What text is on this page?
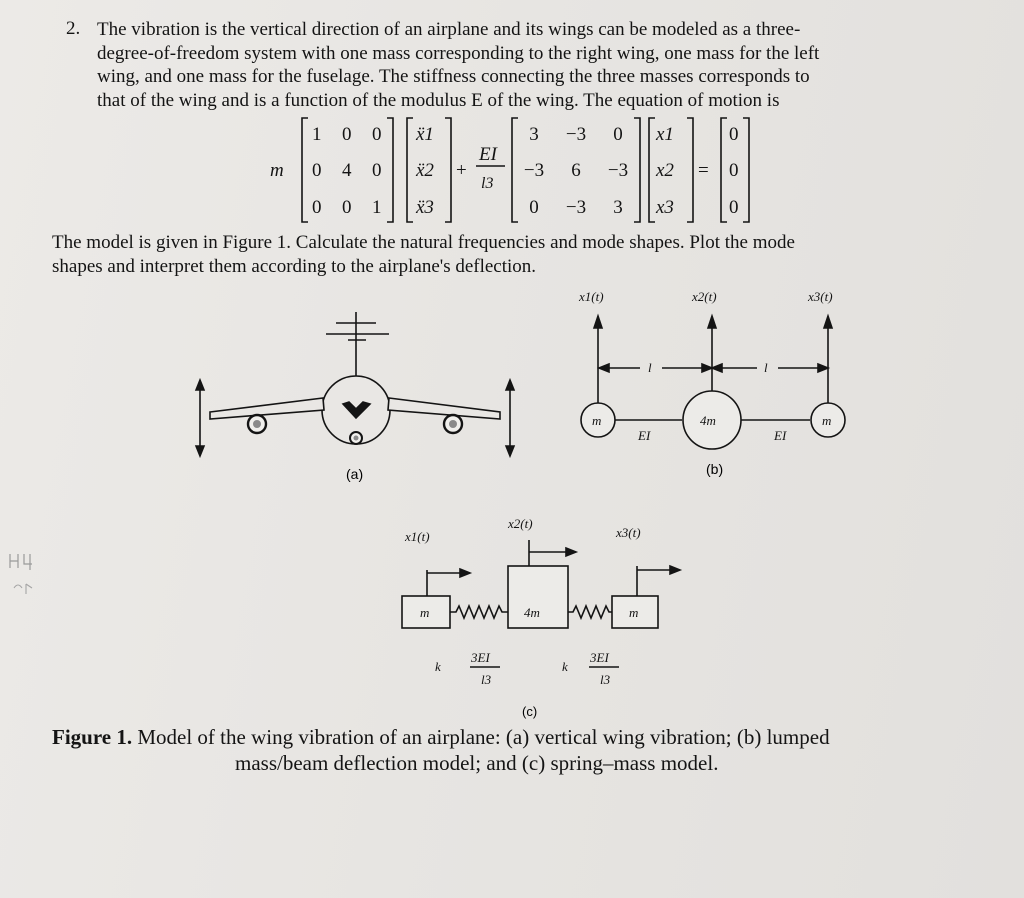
2. The vibration is the vertical direction of an airplane and its wings can be modeled as a three-
degree-of-freedom system with one mass corresponding to the right wing, one mass for the left
wing, and one mass for the fuselage. The stiffness connecting the three masses corresponds to
that of the wing and is a function of the modulus E of the wing. The equation of motion is

m
1 0 0
0 4 0
0 0 1
ẍ1
ẍ2
ẍ3
+
EI
l3
3 −3 0
−3 6 −3
0 −3 3
x1
x2
x3
=
0
0
0

The model is given in Figure 1. Calculate the natural frequencies and mode shapes. Plot the mode
shapes and interpret them according to the airplane's deflection.

(a)
x1(t)	x2(t)	x3(t)
l	l
m	4m	m
EI	EI
(b)
x1(t)
x2(t)
x3(t)
m	4m	m
k	k
3EI
l3
3EI
l3
(c)
Figure 1. Model of the wing vibration of an airplane: (a) vertical wing vibration; (b) lumped
mass/beam deflection model; and (c) spring–mass model.
